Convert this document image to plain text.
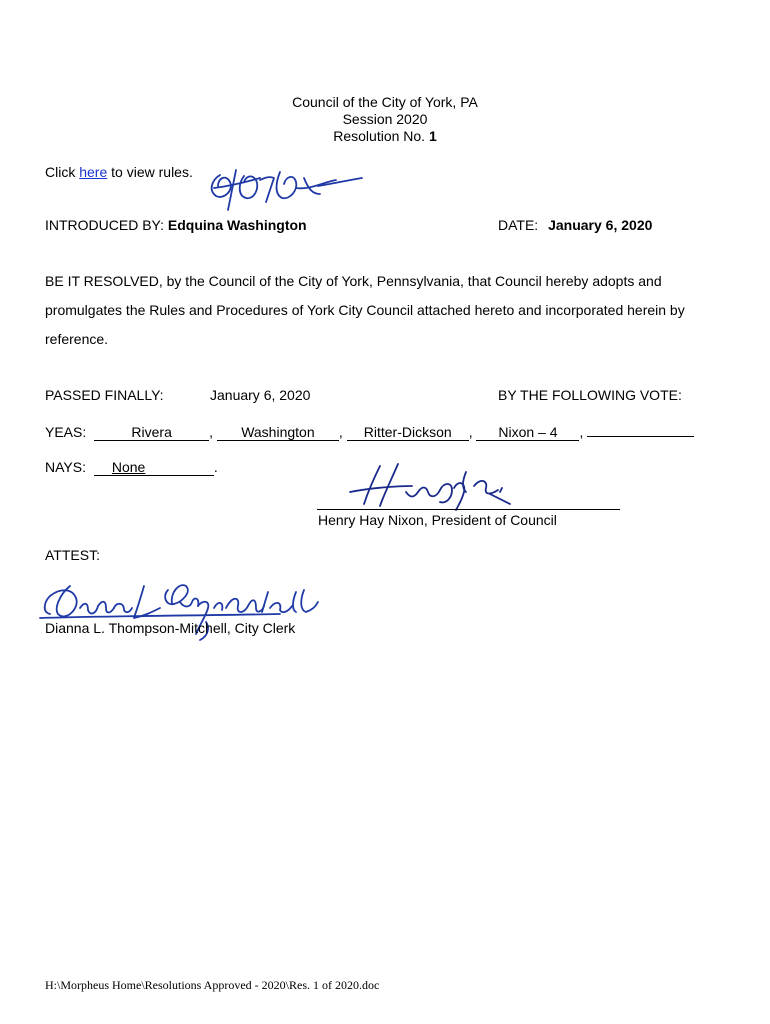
Council of the City of York, PA
Session 2020
Resolution No. 1
Click here to view rules.
INTRODUCED BY: Edquina Washington	DATE: January 6, 2020
BE IT RESOLVED, by the Council of the City of York, Pennsylvania, that Council hereby adopts and promulgates the Rules and Procedures of York City Council attached hereto and incorporated herein by reference.
PASSED FINALLY:	January 6, 2020	BY THE FOLLOWING VOTE:
YEAS:	Rivera	, Washington , Ritter-Dickson , Nixon – 4 ,
NAYS: None	.
Henry Hay Nixon, President of Council
ATTEST:
Dianna L. Thompson-Mitchell, City Clerk
H:\Morpheus Home\Resolutions Approved - 2020\Res. 1 of 2020.doc
